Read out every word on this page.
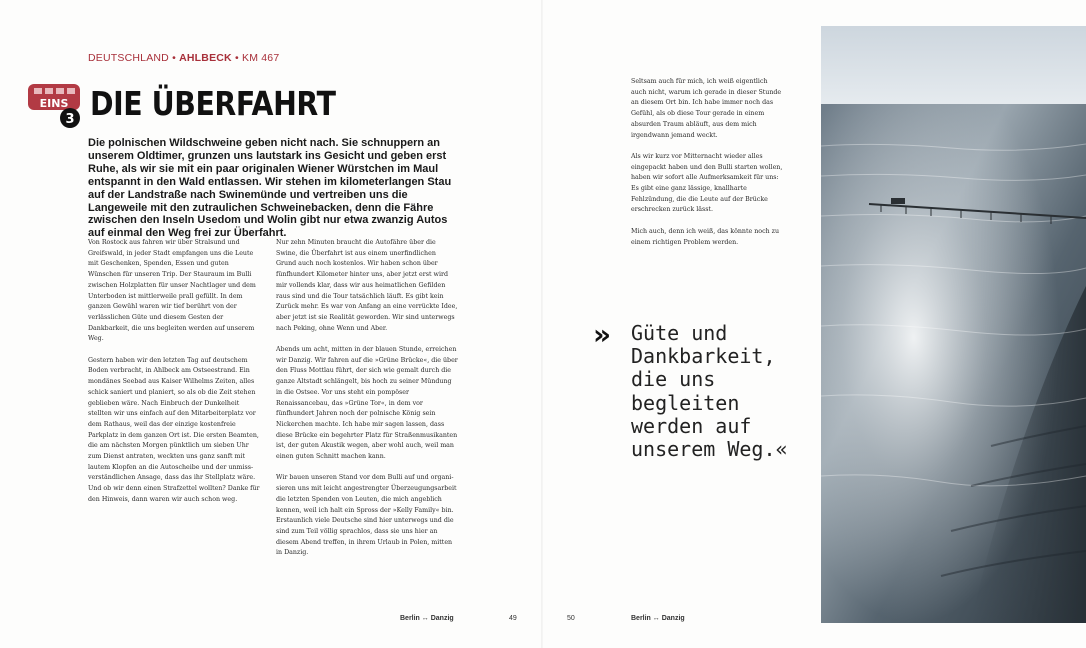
DEUTSCHLAND • AHLBECK • KM 467
EINS
3 DIE ÜBERFAHRT
Die polnischen Wildschweine geben nicht nach. Sie schnuppern an unserem Oldtimer, grunzen uns lautstark ins Gesicht und geben erst Ruhe, als wir sie mit ein paar originalen Wiener Würstchen im Maul entspannt in den Wald entlassen. Wir stehen im kilometerlangen Stau auf der Landstraße nach Swinemünde und vertreiben uns die Langeweile mit den zutraulichen Schweinebacken, denn die Fähre zwischen den Inseln Usedom und Wolin gibt nur etwa zwanzig Autos auf einmal den Weg frei zur Überfahrt.

Von Rostock aus fahren wir über Stralsund und Greifswald, in jeder Stadt empfangen uns die Leute mit Geschenken, Spenden, Essen und guten Wünschen für unseren Trip. Der Stauraum im Bulli zwischen Holzplatten für unser Nachtlager und dem Unterboden ist mittlerweile prall gefüllt. In dem ganzen Gewühl waren wir tief berührt von der verlässlichen Güte und diesem Gesten der Dankbarkeit, die uns begleiten werden auf unserem Weg.

Gestern haben wir den letzten Tag auf deutschem Boden verbracht, in Ahlbeck am Ostseestrand. Ein mondänes Seebad aus Kaiser Wilhelms Zeiten, alles schick saniert und planiert, so als ob die Zeit stehen geblieben wäre. Nach Einbruch der Dunkelheit stellten wir uns einfach auf den Mitarbeiterplatz vor dem Rathaus, weil das der einzige kostenfreie Parkplatz in dem ganzen Ort ist. Die ersten Beamten, die am nächsten Morgen pünktlich um sieben Uhr zum Dienst antraten, weckten uns ganz sanft mit lautem Klopfen an die Autoscheibe und der unmissverständlichen Ansage, dass das ihr Stellplatz wäre. Und ob wir denn einen Strafzettel wollten? Danke für den Hinweis, dann waren wir auch schon weg.

Nur zehn Minuten braucht die Autofähre über die Swine, die Überfahrt ist aus einem unerfindlichen Grund auch noch kostenlos. Wir haben schon über fünfhundert Kilometer hinter uns, aber jetzt erst wird mir vollends klar, dass wir aus heimatlichen Gefilden raus sind und die Tour tatsächlich läuft. Es gibt kein Zurück mehr. Es war von Anfang an eine verrückte Idee, aber jetzt ist sie Realität geworden. Wir sind unterwegs nach Peking, ohne Wenn und Aber.

Abends um acht, mitten in der blauen Stunde, erreichen wir Danzig. Wir fahren auf die »Grüne Brücke«, die über den Fluss Mottlau führt, der sich wie gemalt durch die ganze Altstadt schlängelt, bis hoch zu seiner Mündung in die Ostsee. Vor uns steht ein pompöser Renaissancebau, das »Grüne Tor«, in dem vor fünfhundert Jahren noch der polnische König sein Nickerchen machte. Ich habe mir sagen lassen, dass diese Brücke ein begehrter Platz für Straßenmusikanten ist, der guten Akustik wegen, aber wohl auch, weil man einen guten Schnitt machen kann.

Wir bauen unseren Stand vor dem Bulli auf und organisieren uns mit leicht angestrengter Überzeugungsarbeit die letzten Spenden von Leuten, die mich angeblich kennen, weil ich halt ein Spross der »Kelly Family« bin. Erstaunlich viele Deutsche sind hier unterwegs und die sind zum Teil völlig sprachlos, dass sie uns hier an diesem Abend treffen, in ihrem Urlaub in Polen, mitten in Danzig.

Berlin ↔ Danzig	49

Seltsam auch für mich, ich weiß eigentlich auch nicht, warum ich gerade in dieser Stunde an diesem Ort bin. Ich habe immer noch das Gefühl, als ob diese Tour gerade in einem absurden Traum abläuft, aus dem mich irgendwann jemand weckt.

Als wir kurz vor Mitternacht wieder alles eingepackt haben und den Bulli starten wollen, haben wir sofort alle Aufmerksamkeit für uns: Es gibt eine ganz lässige, knallharte Fehlzündung, die die Leute auf der Brücke erschrecken zurück lässt.

Mich auch, denn ich weiß, das könnte noch zu einem richtigen Problem werden.

» Güte und Dankbarkeit, die uns begleiten werden auf unserem Weg.«
50	Berlin ↔ Danzig
